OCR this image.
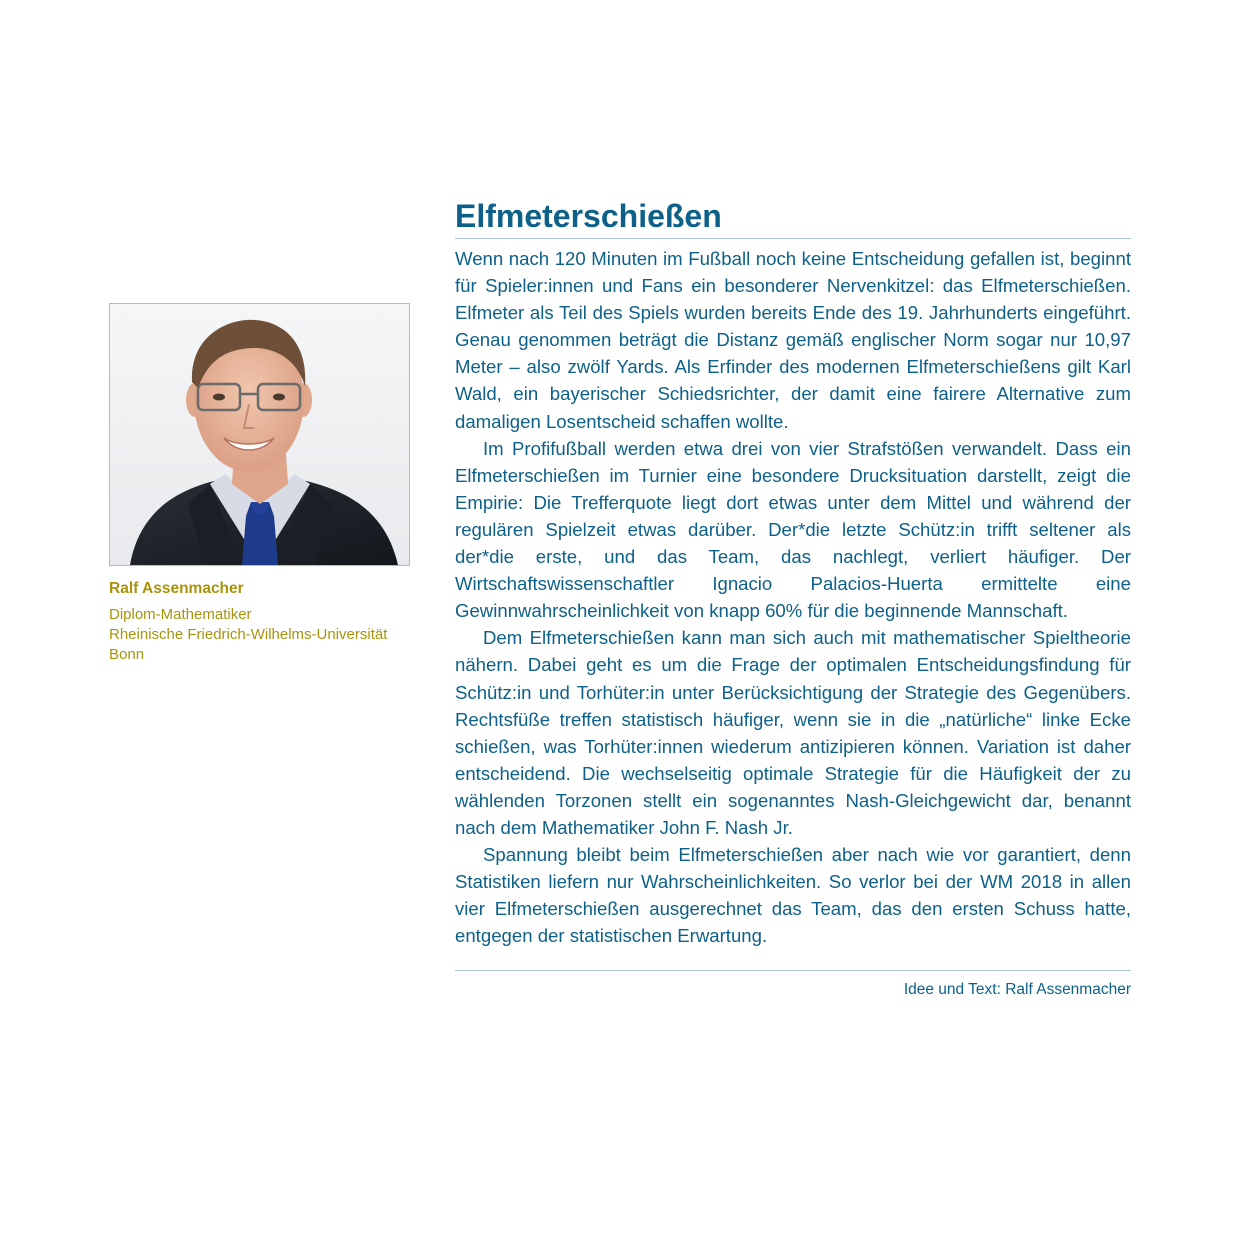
Ralf Assenmacher
Diplom-Mathematiker
Rheinische Friedrich-Wilhelms-Universität
Bonn
Elfmeterschießen

Wenn nach 120 Minuten im Fußball noch keine Entscheidung gefallen ist, beginnt für Spieler:innen und Fans ein besonderer Nervenkitzel: das Elfmeterschießen. Elfmeter als Teil des Spiels wurden bereits Ende des 19. Jahrhunderts eingeführt. Genau genommen beträgt die Distanz gemäß englischer Norm sogar nur 10,97 Meter – also zwölf Yards. Als Erfinder des modernen Elfmeterschießens gilt Karl Wald, ein bayerischer Schiedsrichter, der damit eine fairere Alternative zum damaligen Losentscheid schaffen wollte.

Im Profifußball werden etwa drei von vier Strafstößen verwandelt. Dass ein Elfmeterschießen im Turnier eine besondere Drucksituation darstellt, zeigt die Empirie: Die Trefferquote liegt dort etwas unter dem Mittel und während der regulären Spielzeit etwas darüber. Der*die letzte Schütz:in trifft seltener als der*die erste, und das Team, das nachlegt, verliert häufiger. Der Wirtschaftswissenschaftler Ignacio Palacios-Huerta ermittelte eine Gewinnwahrscheinlichkeit von knapp 60% für die beginnende Mannschaft.

Dem Elfmeterschießen kann man sich auch mit mathematischer Spieltheorie nähern. Dabei geht es um die Frage der optimalen Entscheidungsfindung für Schütz:in und Torhüter:in unter Berücksichtigung der Strategie des Gegenübers. Rechtsfüße treffen statistisch häufiger, wenn sie in die „natürliche“ linke Ecke schießen, was Torhüter:innen wiederum antizipieren können. Variation ist daher entscheidend. Die wechselseitig optimale Strategie für die Häufigkeit der zu wählenden Torzonen stellt ein sogenanntes Nash-Gleichgewicht dar, benannt nach dem Mathematiker John F. Nash Jr.

Spannung bleibt beim Elfmeterschießen aber nach wie vor garantiert, denn Statistiken liefern nur Wahrscheinlichkeiten. So verlor bei der WM 2018 in allen vier Elfmeterschießen ausgerechnet das Team, das den ersten Schuss hatte, entgegen der statistischen Erwartung.

Idee und Text: Ralf Assenmacher
